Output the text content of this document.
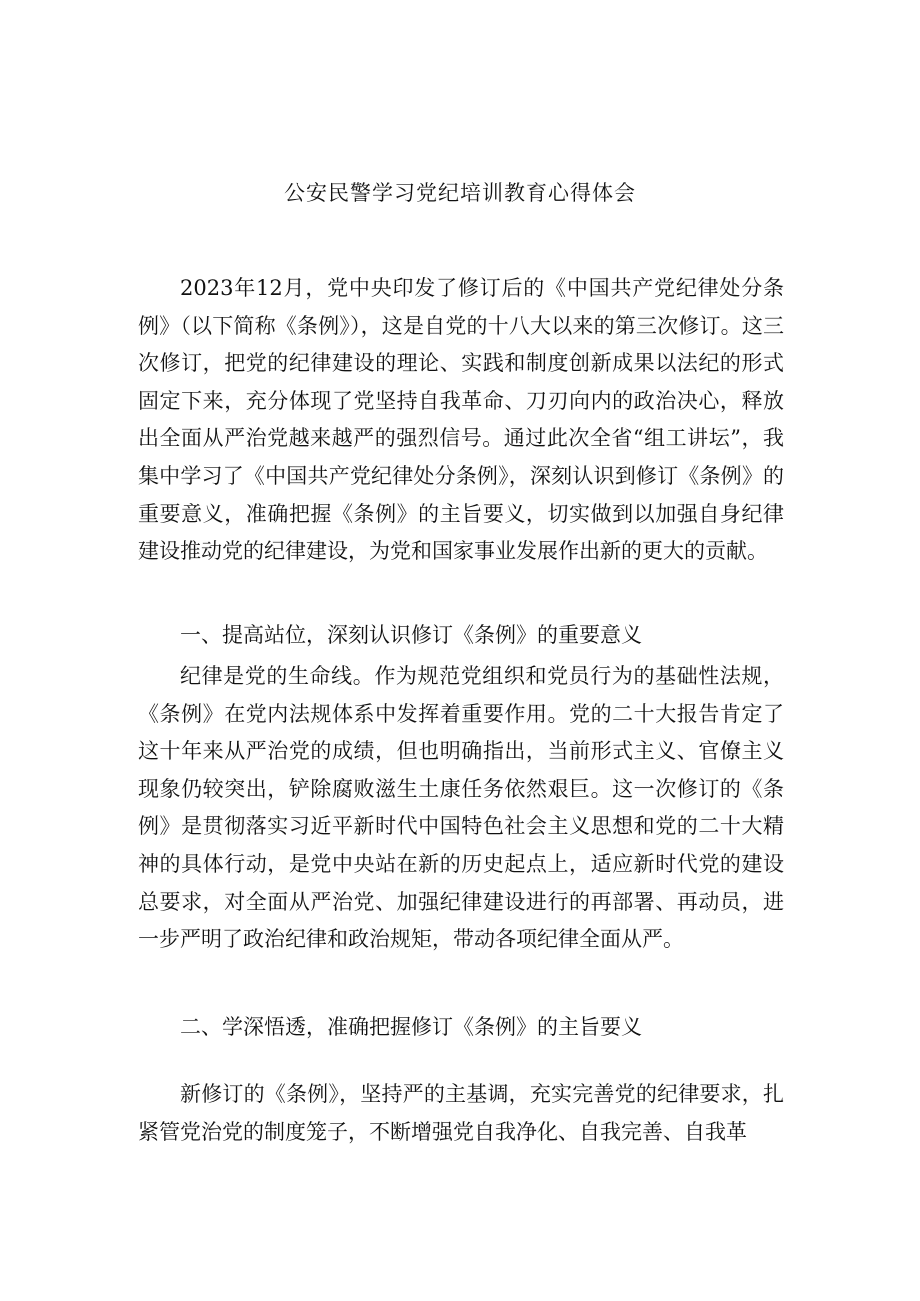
公安民警学习党纪培训教育心得体会
2023年12月，党中央印发了修订后的《中国共产党纪律处分条例》（以下简称《条例》），这是自党的十八大以来的第三次修订。这三次修订，把党的纪律建设的理论、实践和制度创新成果以法纪的形式固定下来，充分体现了党坚持自我革命、刀刃向内的政治决心，释放出全面从严治党越来越严的强烈信号。通过此次全省“组工讲坛”，我集中学习了《中国共产党纪律处分条例》，深刻认识到修订《条例》的重要意义，准确把握《条例》的主旨要义，切实做到以加强自身纪律建设推动党的纪律建设，为党和国家事业发展作出新的更大的贡献。
一、提高站位，深刻认识修订《条例》的重要意义
纪律是党的生命线。作为规范党组织和党员行为的基础性法规，《条例》在党内法规体系中发挥着重要作用。党的二十大报告肯定了这十年来从严治党的成绩，但也明确指出，当前形式主义、官僚主义现象仍较突出，铲除腐败滋生土康任务依然艰巨。这一次修订的《条例》是贯彻落实习近平新时代中国特色社会主义思想和党的二十大精神的具体行动，是党中央站在新的历史起点上，适应新时代党的建设总要求，对全面从严治党、加强纪律建设进行的再部署、再动员，进一步严明了政治纪律和政治规矩，带动各项纪律全面从严。
二、学深悟透，准确把握修订《条例》的主旨要义
新修订的《条例》，坚持严的主基调，充实完善党的纪律要求，扎紧管党治党的制度笼子，不断增强党自我净化、自我完善、自我革
